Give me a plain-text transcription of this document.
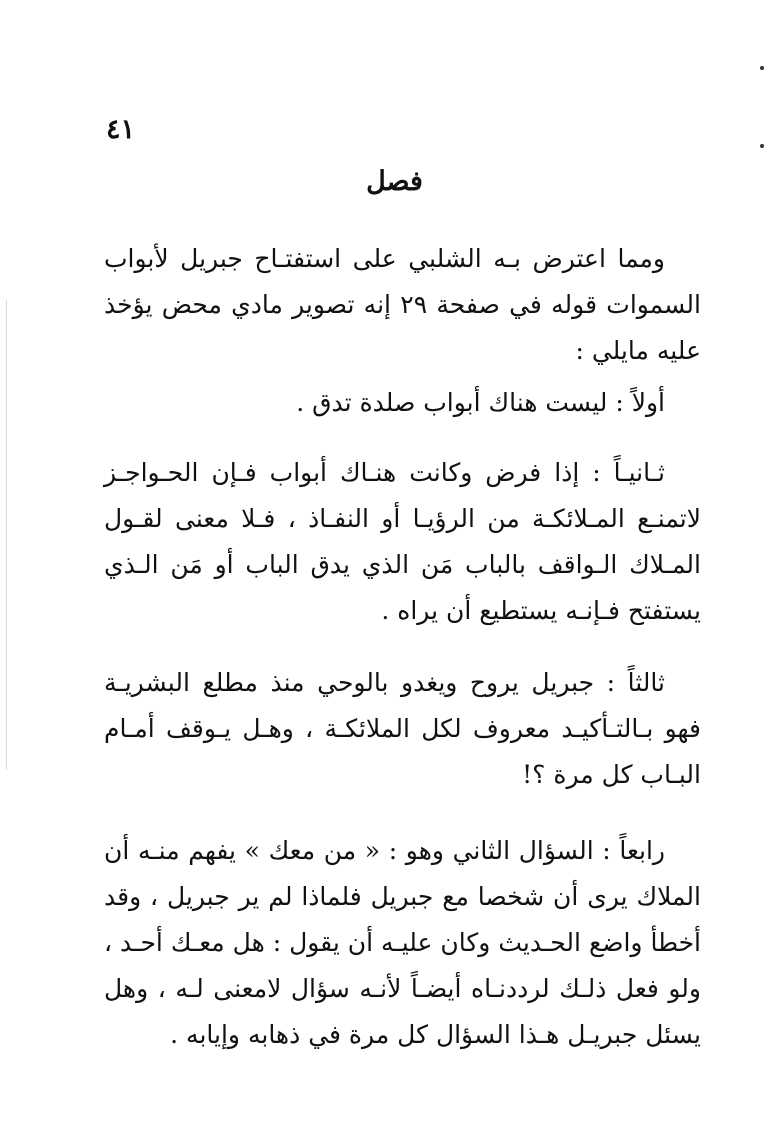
٤١
فصل

ومما اعترض بـه الشلبي على استفتـاح جبريل لأبواب السموات قوله في صفحة ٢٩ إنه تصوير مادي محض يؤخذ عليه مايلي :

أولاً : ليست هناك أبواب صلدة تدق .

ثـانيـاً : إذا فرض وكانت هنـاك أبواب فـإن الحـواجـز لاتمنـع المـلائكـة من الرؤيـا أو النفـاذ ، فـلا معنى لقـول المـلاك الـواقف بالباب مَن الذي يدق الباب أو مَن الـذي يستفتح فـإنـه يستطيع أن يراه .

ثالثاً : جبريل يروح ويغدو بالوحي منذ مطلع البشريـة فهو بـالتـأكيـد معروف لكل الملائكـة ، وهـل يـوقف أمـام البـاب كل مرة ؟!

رابعاً : السؤال الثاني وهو : « من معك » يفهم منـه أن الملاك يرى أن شخصا مع جبريل فلماذا لم ير جبريل ، وقد أخطأ واضع الحـديث وكان عليـه أن يقول : هل معـك أحـد ، ولو فعل ذلـك لرددنـاه أيضـاً لأنـه سؤال لامعنى لـه ، وهل يسئل جبريـل هـذا السؤال كل مرة في ذهابه وإيابه .
